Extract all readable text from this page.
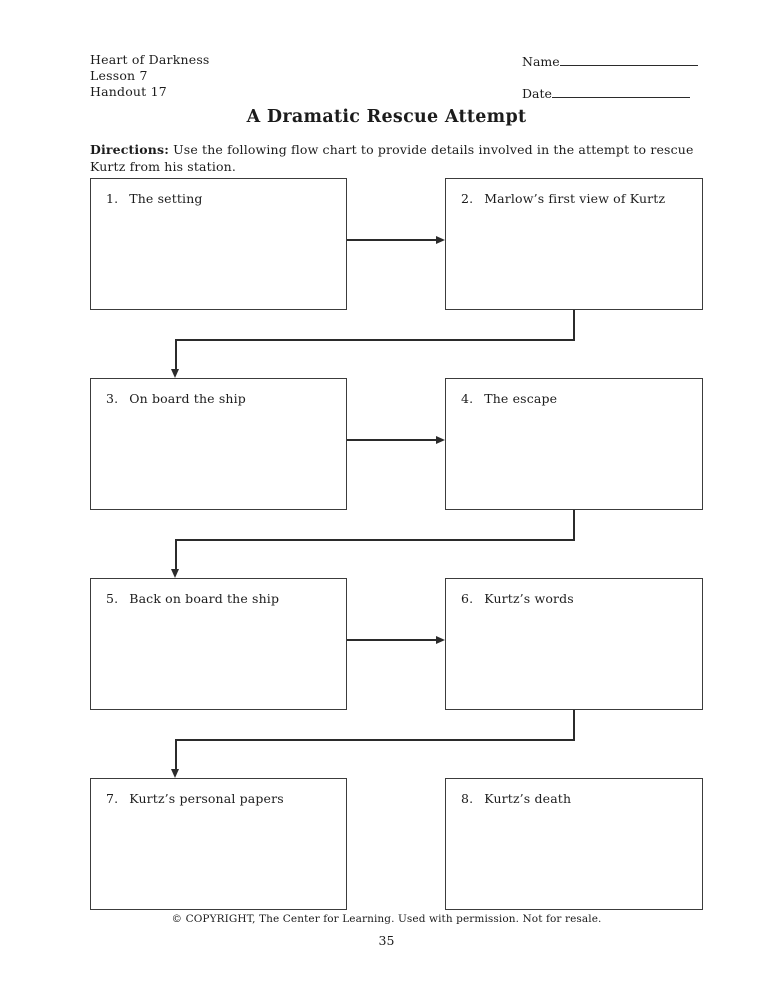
Heart of Darkness
Lesson 7
Handout 17
Name
Date
A Dramatic Rescue Attempt
Directions: Use the following flow chart to provide details involved in the attempt to rescue Kurtz from his station.
1. The setting	2. Marlow’s first view of Kurtz
3. On board the ship	4. The escape
5. Back on board the ship	6. Kurtz’s words
7. Kurtz’s personal papers	8. Kurtz’s death
© COPYRIGHT, The Center for Learning. Used with permission. Not for resale.
35
